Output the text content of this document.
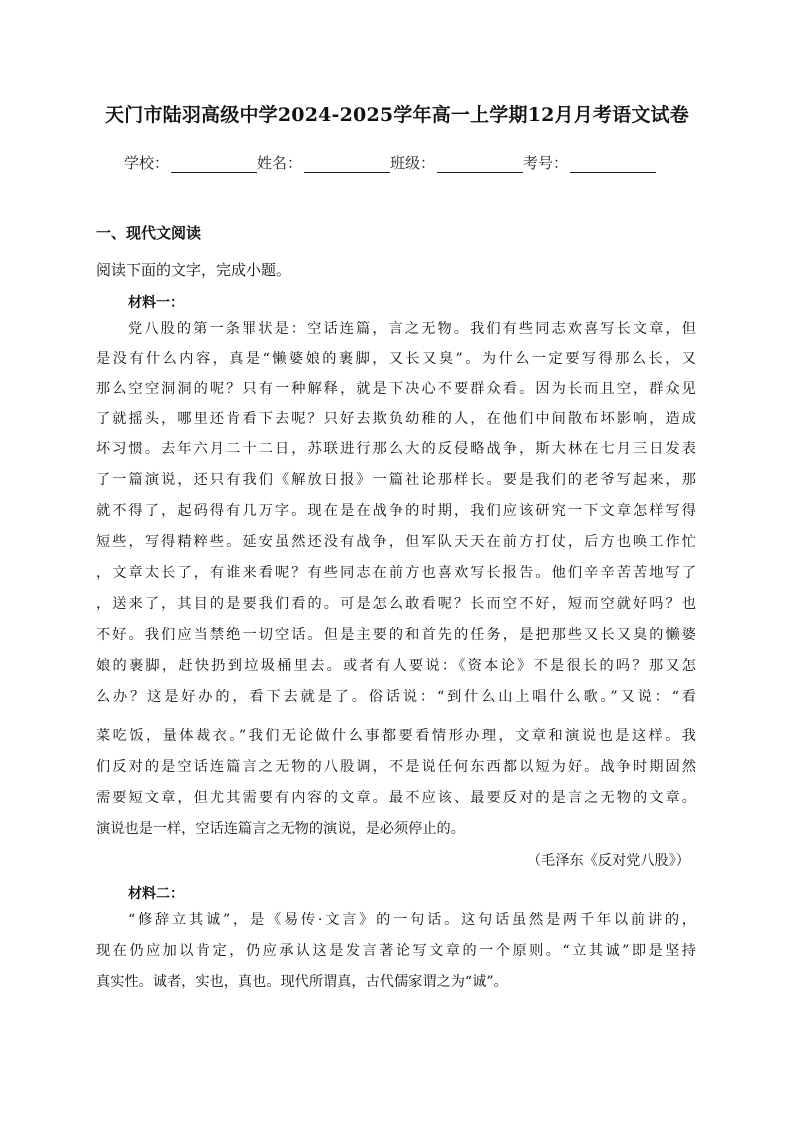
天门市陆羽高级中学2024-2025学年高一上学期12月月考语文试卷
学校：	姓名：	班级：	考号：
一、现代文阅读
阅读下面的文字，完成小题。
材料一：
党八股的第一条罪状是：空话连篇，言之无物。我们有些同志欢喜写长文章，但
是没有什么内容，真是“懒婆娘的裹脚，又长又臭”。为什么一定要写得那么长，又
那么空空洞洞的呢？只有一种解释，就是下决心不要群众看。因为长而且空，群众见
了就摇头，哪里还肯看下去呢？只好去欺负幼稚的人，在他们中间散布坏影响，造成
坏习惯。去年六月二十二日，苏联进行那么大的反侵略战争，斯大林在七月三日发表
了一篇演说，还只有我们《解放日报》一篇社论那样长。要是我们的老爷写起来，那
就不得了，起码得有几万字。现在是在战争的时期，我们应该研究一下文章怎样写得
短些，写得精粹些。延安虽然还没有战争，但军队天天在前方打仗，后方也唤工作忙
，文章太长了，有谁来看呢？有些同志在前方也喜欢写长报告。他们辛辛苦苦地写了
，送来了，其目的是要我们看的。可是怎么敢看呢？长而空不好，短而空就好吗？也
不好。我们应当禁绝一切空话。但是主要的和首先的任务，是把那些又长又臭的懒婆
娘的裹脚，赶快扔到垃圾桶里去。或者有人要说：《资本论》不是很长的吗？那又怎
么办？这是好办的，看下去就是了。俗话说：“到什么山上唱什么歌。”又说：“看
菜吃饭，量体裁衣。”我们无论做什么事都要看情形办理，文章和演说也是这样。我
们反对的是空话连篇言之无物的八股调，不是说任何东西都以短为好。战争时期固然
需要短文章，但尤其需要有内容的文章。最不应该、最要反对的是言之无物的文章。
演说也是一样，空话连篇言之无物的演说，是必须停止的。
（毛泽东《反对党八股》）
材料二：
“修辞立其诚”，是《易传·文言》的一句话。这句话虽然是两千年以前讲的，
现在仍应加以肯定，仍应承认这是发言著论写文章的一个原则。“立其诚”即是坚持
真实性。诚者，实也，真也。现代所谓真，古代儒家谓之为“诚”。
